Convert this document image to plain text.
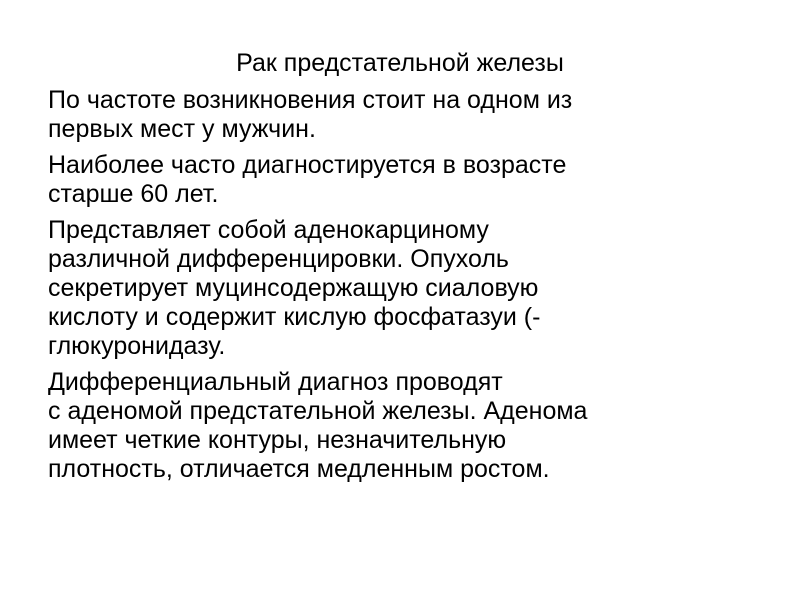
Рак предстательной железы

По частоте возникновения стоит на одном из
первых мест у мужчин.

Наиболее часто диагностируется в возрасте
старше 60 лет.

Представляет собой аденокарциному
различной дифференцировки. Опухоль
секретирует муцинсодержащую сиаловую
кислоту и содержит кислую фосфатазуи (-
глюкуронидазу.

Дифференциальный диагноз проводят
с аденомой предстательной железы. Аденома
имеет четкие контуры, незначительную
плотность, отличается медленным ростом.
